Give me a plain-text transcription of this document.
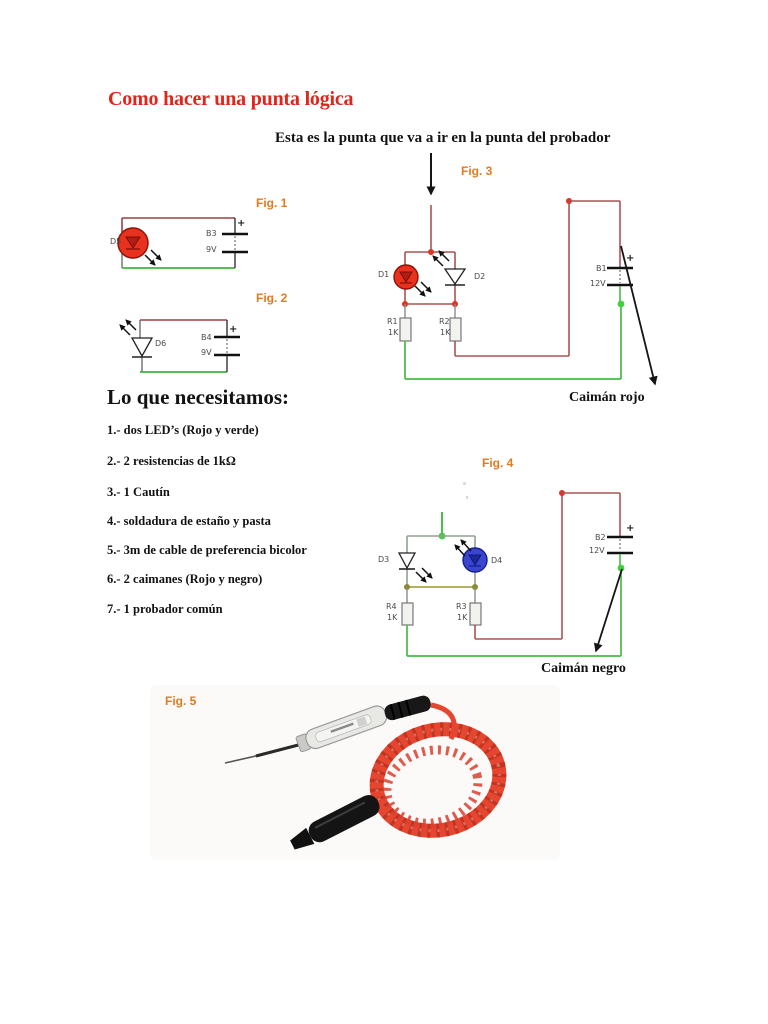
Como hacer una punta lógica
Esta es la punta que va a ir en la punta del probador
Fig. 1
Fig. 2
Fig. 3
Fig. 4
Fig. 5
D5
B3
9V
+
D6
B4
9V
+
D1	D2
R1
1K
R2
1K
B1
12V
+
Caimán rojo
D3	D4
R4
1K
R3
1K
B2
12V
+
Caimán negro
Lo que necesitamos:
1.- dos LED’s (Rojo y verde)
2.- 2 resistencias de 1kΩ
3.- 1 Cautín
4.- soldadura de estaño y pasta
5.- 3m de cable de preferencia bicolor
6.- 2 caimanes (Rojo y negro)
7.- 1 probador común
